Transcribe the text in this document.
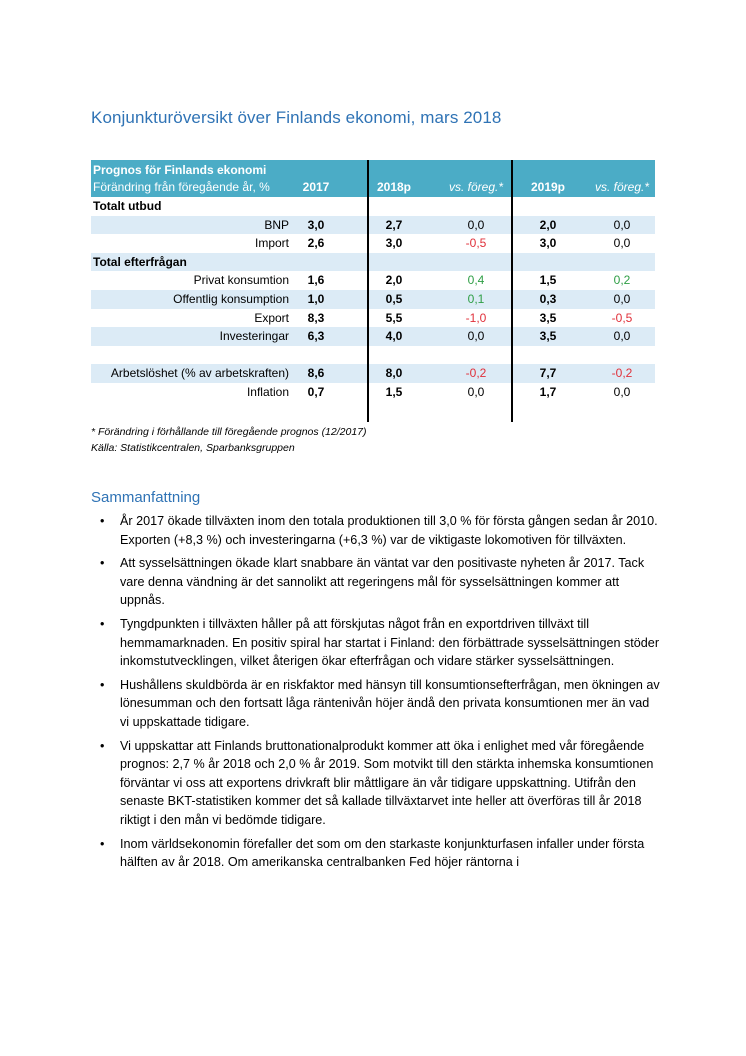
Konjunkturöversikt över Finlands ekonomi, mars 2018
Prognos för Finlands ekonomi
Förändring från föregående år, %	2017	2018p	vs. föreg.*	2019p	vs. föreg.*
Totalt utbud
BNP	3,0	2,7	0,0	2,0	0,0
Import	2,6	3,0	-0,5	3,0	0,0
Total efterfrågan
Privat konsumtion	1,6	2,0	0,4	1,5	0,2
Offentlig konsumption	1,0	0,5	0,1	0,3	0,0
Export	8,3	5,5	-1,0	3,5	-0,5
Investeringar	6,3	4,0	0,0	3,5	0,0
Arbetslöshet (% av arbetskraften)	8,6	8,0	-0,2	7,7	-0,2
Inflation	0,7	1,5	0,0	1,7	0,0
* Förändring i förhållande till föregående prognos (12/2017)
Källa: Statistikcentralen, Sparbanksgruppen
Sammanfattning
• År 2017 ökade tillväxten inom den totala produktionen till 3,0 % för första gången sedan år 2010. Exporten (+8,3 %) och investeringarna (+6,3 %) var de viktigaste lokomotiven för tillväxten.
• Att sysselsättningen ökade klart snabbare än väntat var den positivaste nyheten år 2017. Tack vare denna vändning är det sannolikt att regeringens mål för sysselsättningen kommer att uppnås.
• Tyngdpunkten i tillväxten håller på att förskjutas något från en exportdriven tillväxt till hemmamarknaden. En positiv spiral har startat i Finland: den förbättrade sysselsättningen stöder inkomstutvecklingen, vilket återigen ökar efterfrågan och vidare stärker sysselsättningen.
• Hushållens skuldbörda är en riskfaktor med hänsyn till konsumtionsefterfrågan, men ökningen av lönesumman och den fortsatt låga räntenivån höjer ändå den privata konsumtionen mer än vad vi uppskattade tidigare.
• Vi uppskattar att Finlands bruttonationalprodukt kommer att öka i enlighet med vår föregående prognos: 2,7 % år 2018 och 2,0 % år 2019. Som motvikt till den stärkta inhemska konsumtionen förväntar vi oss att exportens drivkraft blir måttligare än vår tidigare uppskattning. Utifrån den senaste BKT-statistiken kommer det så kallade tillväxtarvet inte heller att överföras till år 2018 riktigt i den mån vi bedömde tidigare.
• Inom världsekonomin förefaller det som om den starkaste konjunkturfasen infaller under första hälften av år 2018. Om amerikanska centralbanken Fed höjer räntorna i
